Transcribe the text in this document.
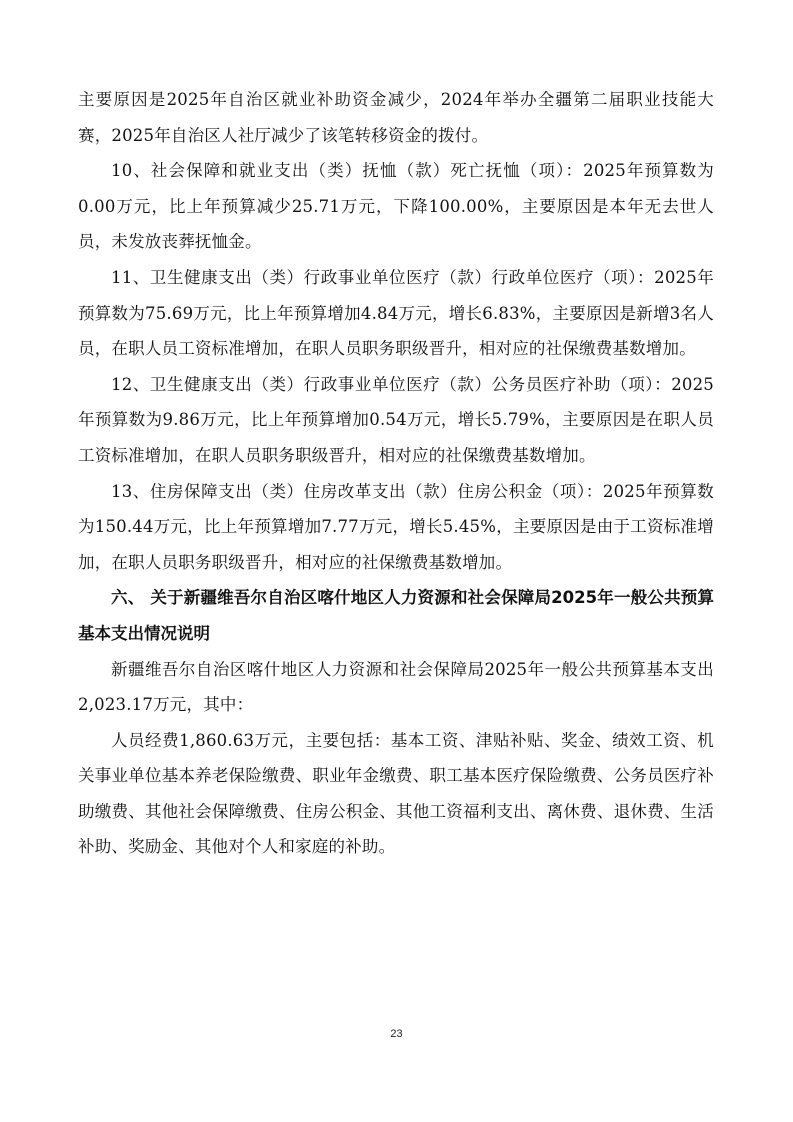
主要原因是2025年自治区就业补助资金减少，2024年举办全疆第二届职业技能大赛，2025年自治区人社厅减少了该笔转移资金的拨付。

10、社会保障和就业支出（类）抚恤（款）死亡抚恤（项）：2025年预算数为0.00万元，比上年预算减少25.71万元，下降100.00%，主要原因是本年无去世人员，未发放丧葬抚恤金。

11、卫生健康支出（类）行政事业单位医疗（款）行政单位医疗（项）：2025年预算数为75.69万元，比上年预算增加4.84万元，增长6.83%，主要原因是新增3名人员，在职人员工资标准增加，在职人员职务职级晋升，相对应的社保缴费基数增加。

12、卫生健康支出（类）行政事业单位医疗（款）公务员医疗补助（项）：2025年预算数为9.86万元，比上年预算增加0.54万元，增长5.79%，主要原因是在职人员工资标准增加，在职人员职务职级晋升，相对应的社保缴费基数增加。

13、住房保障支出（类）住房改革支出（款）住房公积金（项）：2025年预算数为150.44万元，比上年预算增加7.77万元，增长5.45%，主要原因是由于工资标准增加，在职人员职务职级晋升，相对应的社保缴费基数增加。

六、 关于新疆维吾尔自治区喀什地区人力资源和社会保障局2025年一般公共预算基本支出情况说明

新疆维吾尔自治区喀什地区人力资源和社会保障局2025年一般公共预算基本支出2,023.17万元，其中：

人员经费1,860.63万元，主要包括：基本工资、津贴补贴、奖金、绩效工资、机关事业单位基本养老保险缴费、职业年金缴费、职工基本医疗保险缴费、公务员医疗补助缴费、其他社会保障缴费、住房公积金、其他工资福利支出、离休费、退休费、生活补助、奖励金、其他对个人和家庭的补助。

23
